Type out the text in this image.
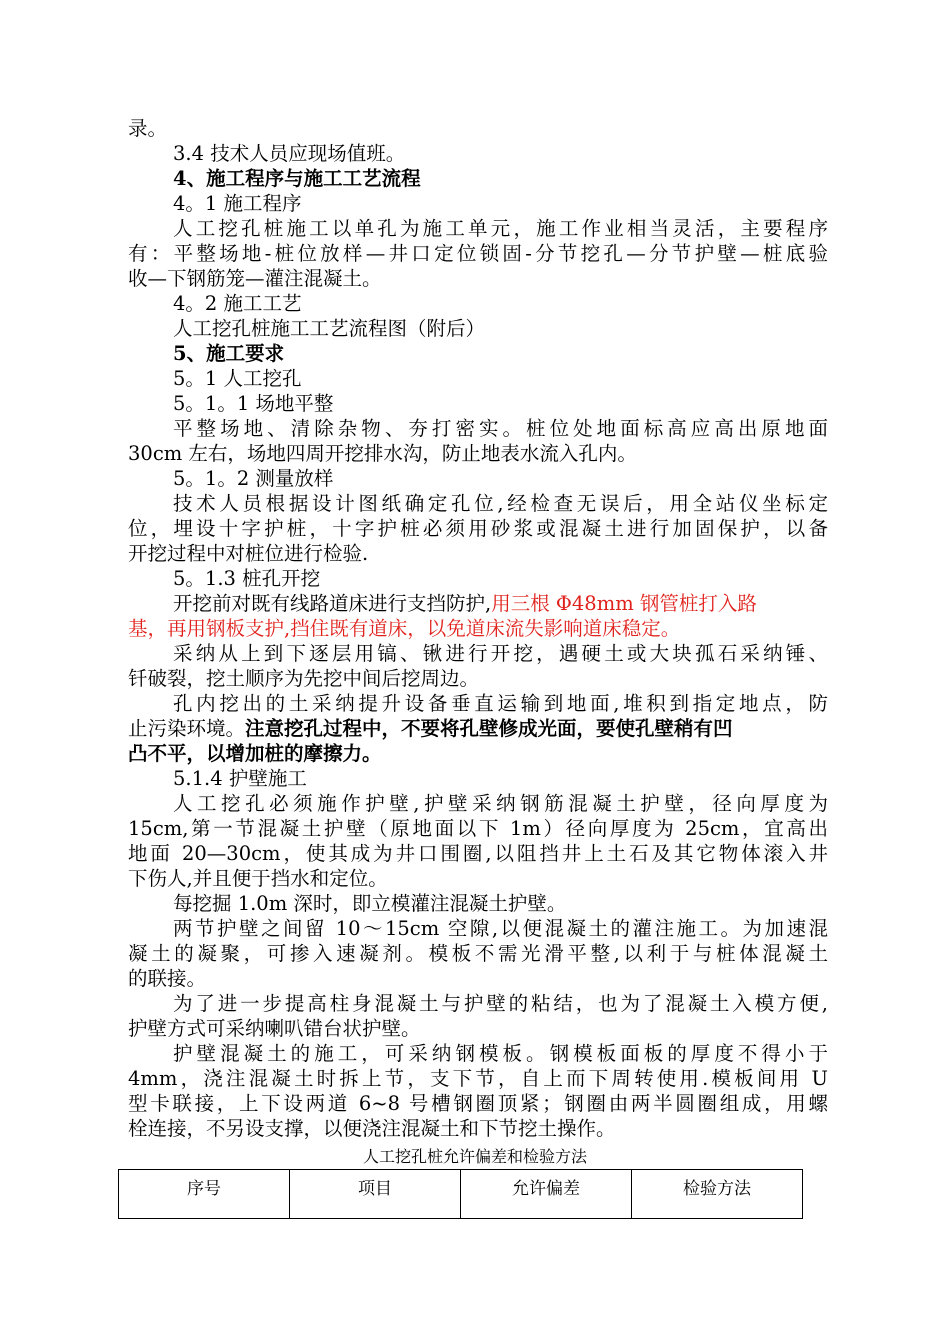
录。
3.4 技术人员应现场值班。
4、施工程序与施工工艺流程
4。1 施工程序
人工挖孔桩施工以单孔为施工单元，施工作业相当灵活，主要程序
有：平整场地-桩位放样—井口定位锁固-分节挖孔—分节护壁—桩底验
收—下钢筋笼—灌注混凝土。
4。2 施工工艺
人工挖孔桩施工工艺流程图（附后）
5、施工要求
5。1 人工挖孔
5。1。1 场地平整
平整场地、清除杂物、夯打密实。桩位处地面标高应高出原地面
30cm 左右，场地四周开挖排水沟，防止地表水流入孔内。
5。1。2 测量放样
技术人员根据设计图纸确定孔位,经检查无误后，用全站仪坐标定
位，埋设十字护桩，十字护桩必须用砂浆或混凝土进行加固保护，以备
开挖过程中对桩位进行检验.
5。1.3 桩孔开挖
开挖前对既有线路道床进行支挡防护,用三根 Φ48mm 钢管桩打入路
基，再用钢板支护,挡住既有道床，以免道床流失影响道床稳定。
采纳从上到下逐层用镐、锹进行开挖，遇硬土或大块孤石采纳锤、
钎破裂，挖土顺序为先挖中间后挖周边。
孔内挖出的土采纳提升设备垂直运输到地面,堆积到指定地点，防
止污染环境。注意挖孔过程中，不要将孔壁修成光面，要使孔壁稍有凹
凸不平，以增加桩的摩擦力。
5.1.4 护壁施工
人工挖孔必须施作护壁,护壁采纳钢筋混凝土护壁，径向厚度为
15cm,第一节混凝土护壁（原地面以下 1m）径向厚度为 25cm，宜高出
地面 20—30cm，使其成为井口围圈,以阻挡井上土石及其它物体滚入井
下伤人,并且便于挡水和定位。
每挖掘 1.0m 深时，即立模灌注混凝土护壁。
两节护壁之间留 10～15cm 空隙,以便混凝土的灌注施工。为加速混
凝土的凝聚，可掺入速凝剂。模板不需光滑平整,以利于与桩体混凝土
的联接。
为了进一步提高柱身混凝土与护壁的粘结，也为了混凝土入模方便,
护壁方式可采纳喇叭错台状护壁。
护壁混凝土的施工，可采纳钢模板。钢模板面板的厚度不得小于
4mm，浇注混凝土时拆上节，支下节，自上而下周转使用.模板间用 U
型卡联接，上下设两道 6~8 号槽钢圈顶紧；钢圈由两半圆圈组成，用螺
栓连接，不另设支撑，以便浇注混凝土和下节挖土操作。
人工挖孔桩允许偏差和检验方法
序号	项目	允许偏差	检验方法
